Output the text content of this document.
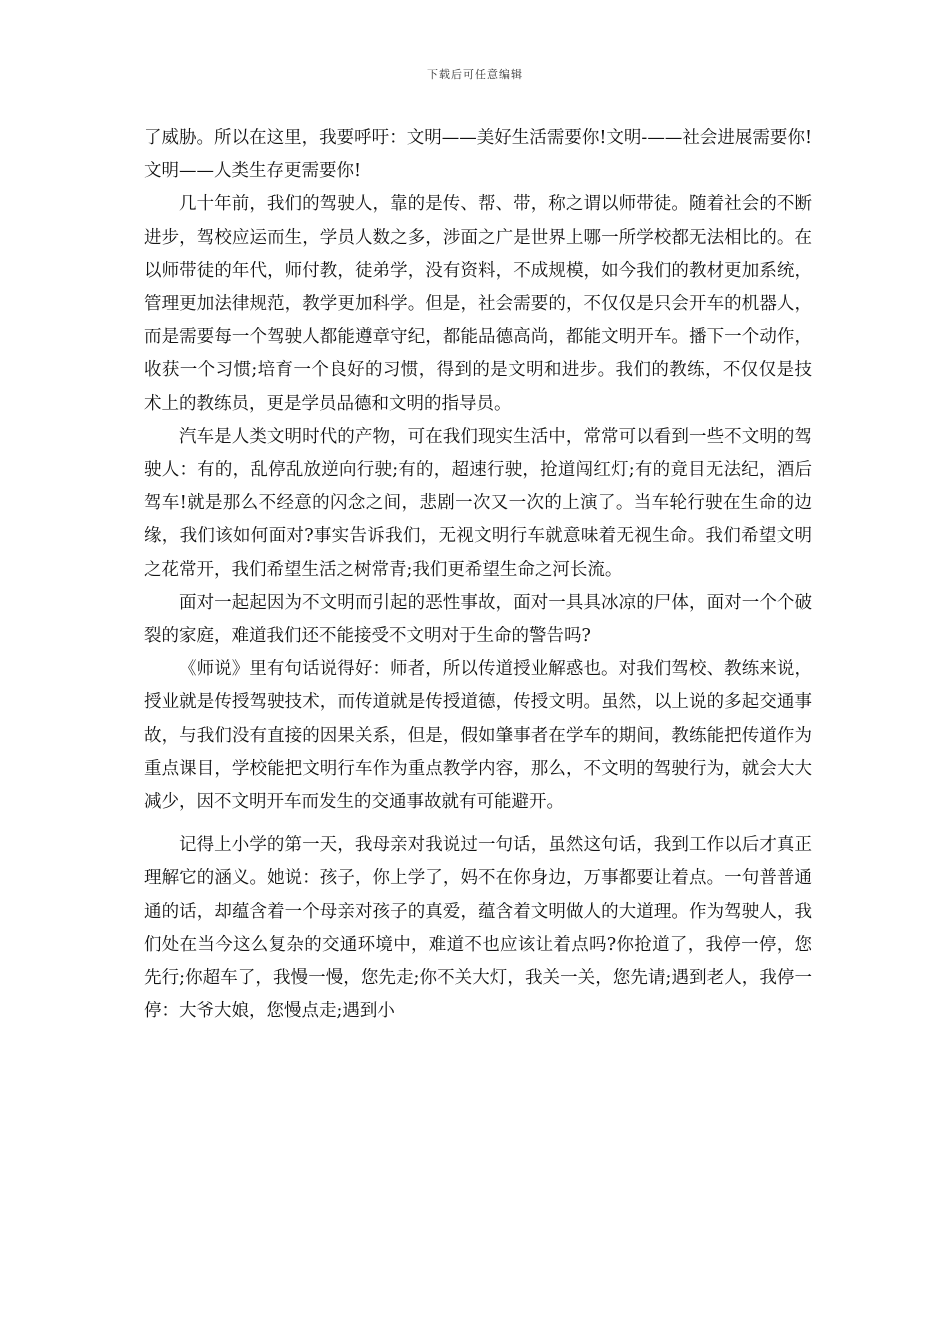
下载后可任意编辑

了威胁。所以在这里，我要呼吁：文明——美好生活需要你!文明-——社会进展需要你!文明——人类生存更需要你!

几十年前，我们的驾驶人，靠的是传、帮、带，称之谓以师带徒。随着社会的不断进步，驾校应运而生，学员人数之多，涉面之广是世界上哪一所学校都无法相比的。在以师带徒的年代，师付教，徒弟学，没有资料，不成规模，如今我们的教材更加系统，管理更加法律规范，教学更加科学。但是，社会需要的，不仅仅是只会开车的机器人，而是需要每一个驾驶人都能遵章守纪，都能品德高尚，都能文明开车。播下一个动作，收获一个习惯;培育一个良好的习惯，得到的是文明和进步。我们的教练，不仅仅是技术上的教练员，更是学员品德和文明的指导员。

汽车是人类文明时代的产物，可在我们现实生活中，常常可以看到一些不文明的驾驶人：有的，乱停乱放逆向行驶;有的，超速行驶，抢道闯红灯;有的竟目无法纪，酒后驾车!就是那么不经意的闪念之间，悲剧一次又一次的上演了。当车轮行驶在生命的边缘，我们该如何面对?事实告诉我们，无视文明行车就意味着无视生命。我们希望文明之花常开，我们希望生活之树常青;我们更希望生命之河长流。

面对一起起因为不文明而引起的恶性事故，面对一具具冰凉的尸体，面对一个个破裂的家庭，难道我们还不能接受不文明对于生命的警告吗?

《师说》里有句话说得好：师者，所以传道授业解惑也。对我们驾校、教练来说，授业就是传授驾驶技术，而传道就是传授道德，传授文明。虽然，以上说的多起交通事故，与我们没有直接的因果关系，但是，假如肇事者在学车的期间，教练能把传道作为重点课目，学校能把文明行车作为重点教学内容，那么，不文明的驾驶行为，就会大大减少，因不文明开车而发生的交通事故就有可能避开。

记得上小学的第一天，我母亲对我说过一句话，虽然这句话，我到工作以后才真正理解它的涵义。她说：孩子，你上学了，妈不在你身边，万事都要让着点。一句普普通通的话，却蕴含着一个母亲对孩子的真爱，蕴含着文明做人的大道理。作为驾驶人，我们处在当今这么复杂的交通环境中，难道不也应该让着点吗?你抢道了，我停一停，您先行;你超车了，我慢一慢，您先走;你不关大灯，我关一关，您先请;遇到老人，我停一停：大爷大娘，您慢点走;遇到小
